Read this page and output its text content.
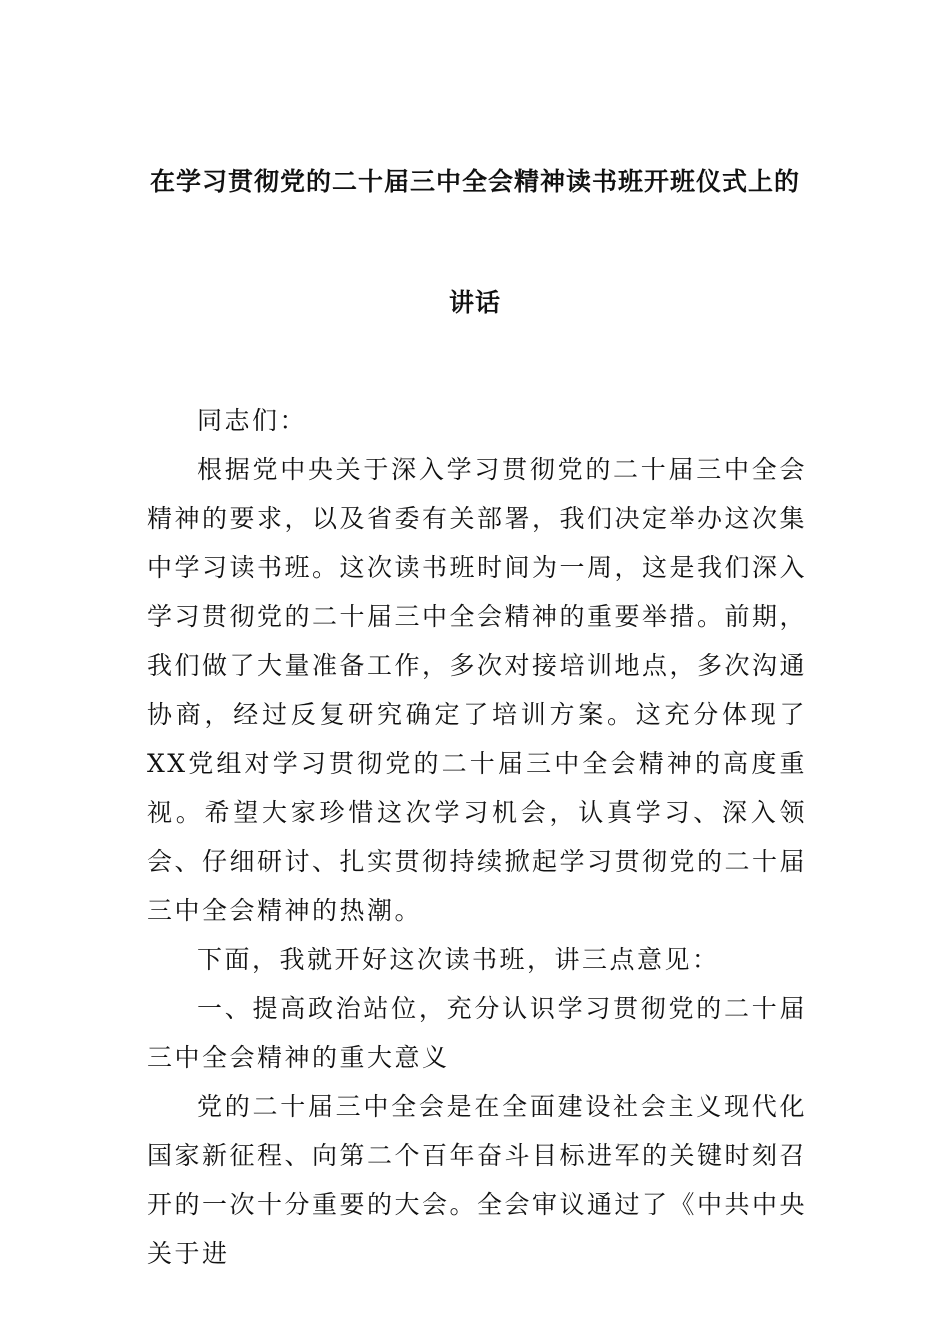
在学习贯彻党的二十届三中全会精神读书班开班仪式上的
讲话

同志们：

根据党中央关于深入学习贯彻党的二十届三中全会精神的要求，以及省委有关部署，我们决定举办这次集中学习读书班。这次读书班时间为一周，这是我们深入学习贯彻党的二十届三中全会精神的重要举措。前期，我们做了大量准备工作，多次对接培训地点，多次沟通协商，经过反复研究确定了培训方案。这充分体现了XX党组对学习贯彻党的二十届三中全会精神的高度重视。希望大家珍惜这次学习机会，认真学习、深入领会、仔细研讨、扎实贯彻持续掀起学习贯彻党的二十届三中全会精神的热潮。

下面，我就开好这次读书班，讲三点意见：

一、提高政治站位，充分认识学习贯彻党的二十届三中全会精神的重大意义

党的二十届三中全会是在全面建设社会主义现代化国家新征程、向第二个百年奋斗目标进军的关键时刻召开的一次十分重要的大会。全会审议通过了《中共中央关于进
